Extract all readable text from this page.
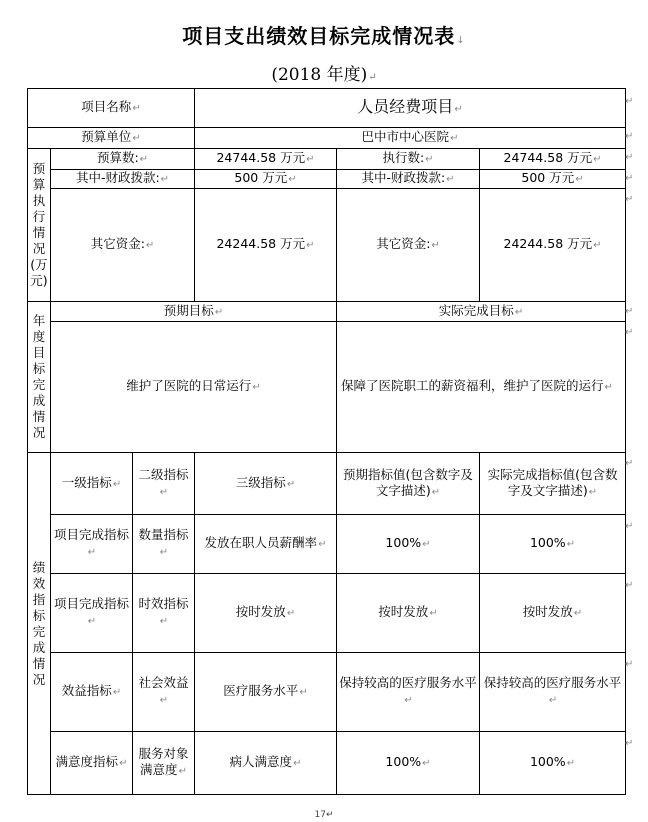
项目支出绩效目标完成情况表↓
(2018 年度)↵
项目名称↵			人员经费项目↵		
预算单位↵			巴中市中心医院↵		
预算执行情况(万元)	预算数:↵		24744.58 万元↵	执行数:↵	24744.58 万元↵
	其中-财政拨款:↵		500 万元↵	其中-财政拨款:↵	500 万元↵
	其它资金:↵		24244.58 万元↵	其它资金:↵	24244.58 万元↵
年度目标完成情况	预期目标↵			实际完成目标↵	
	维护了医院的日常运行↵			保障了医院职工的薪资福利，维护了医院的运行↵	
绩效指标完成情况	一级指标↵	二级指标↵	三级指标↵	预期指标值(包含数字及文字描述)↵	实际完成指标值(包含数字及文字描述)↵
	项目完成指标↵	数量指标↵	发放在职人员薪酬率↵	100%↵	100%↵
	项目完成指标↵	时效指标↵	按时发放↵	按时发放↵	按时发放↵
	效益指标↵	社会效益↵	医疗服务水平↵	保持较高的医疗服务水平↵	保持较高的医疗服务水平↵
	满意度指标↵	服务对象满意度↵	病人满意度↵	100%↵	100%↵
↵
↵
↵
↵
↵
↵
↵
↵
↵
↵
↵
↵
17↵
